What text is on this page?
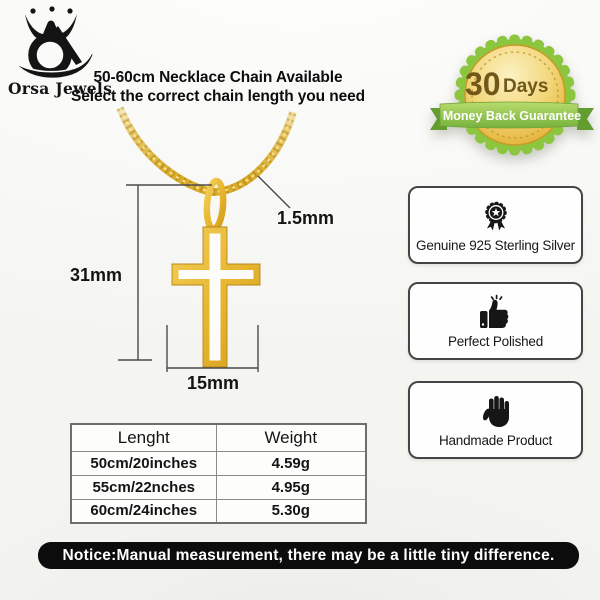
Orsa Jewels
50-60cm Necklace Chain Available
Select the correct chain length you need	30 Days
Money Back Guarantee
31mm
15mm
1.5mm
Genuine 925 Sterling Silver
Perfect Polished
Handmade Product
Lenght	Weight
50cm/20inches	4.59g
55cm/22nches	4.95g
60cm/24inches	5.30g
Notice:Manual measurement, there may be a little tiny difference.
